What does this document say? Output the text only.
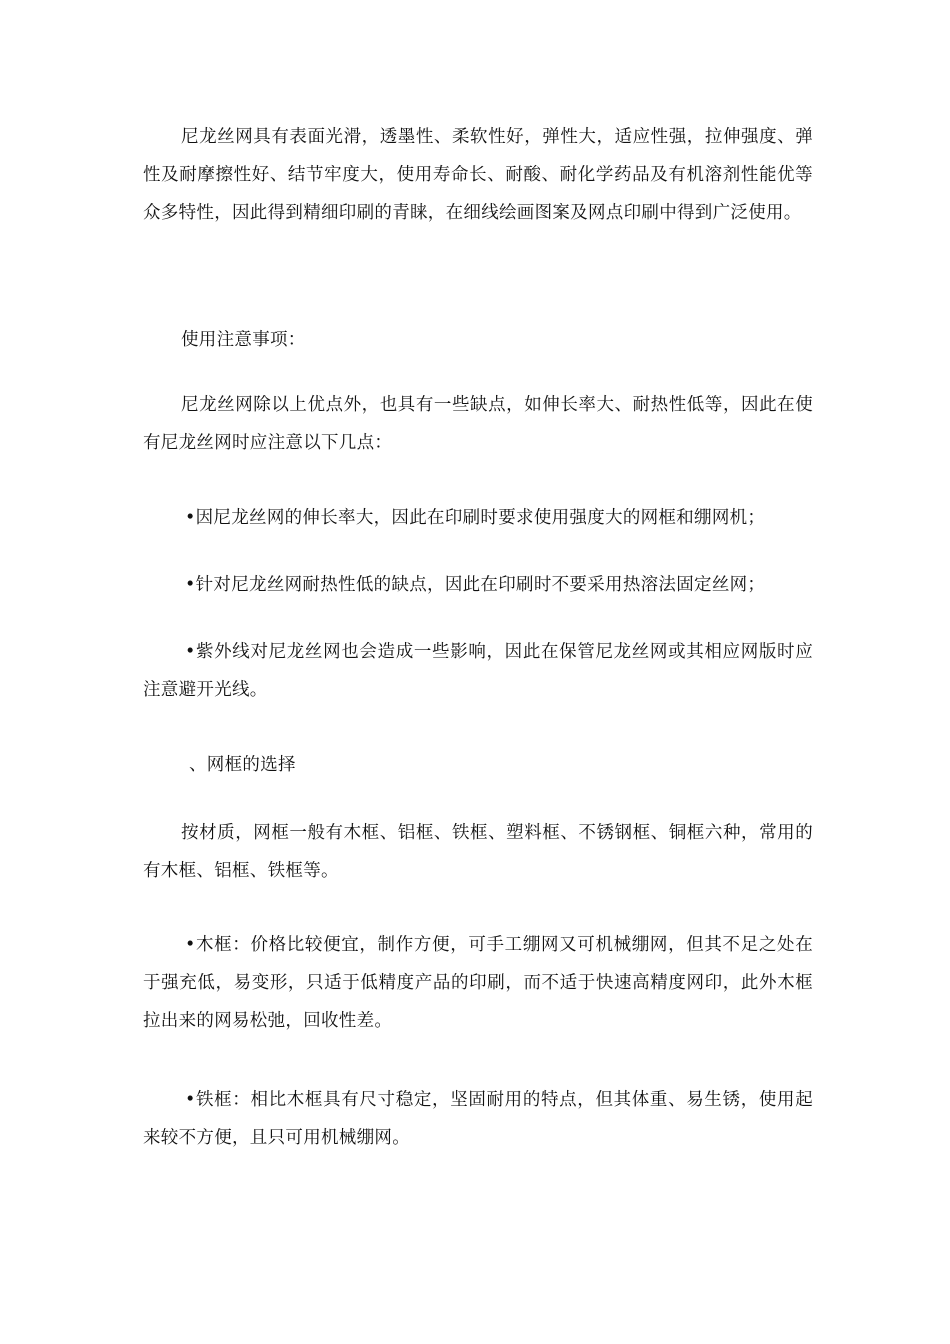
尼龙丝网具有表面光滑，透墨性、柔软性好，弹性大，适应性强，拉伸强度、弹性及耐摩擦性好、结节牢度大，使用寿命长、耐酸、耐化学药品及有机溶剂性能优等众多特性，因此得到精细印刷的青睐，在细线绘画图案及网点印刷中得到广泛使用。

使用注意事项：

尼龙丝网除以上优点外，也具有一些缺点，如伸长率大、耐热性低等，因此在使有尼龙丝网时应注意以下几点：

•因尼龙丝网的伸长率大，因此在印刷时要求使用强度大的网框和绷网机；

•针对尼龙丝网耐热性低的缺点，因此在印刷时不要采用热溶法固定丝网；

•紫外线对尼龙丝网也会造成一些影响，因此在保管尼龙丝网或其相应网版时应注意避开光线。

、网框的选择

按材质，网框一般有木框、铝框、铁框、塑料框、不锈钢框、铜框六种，常用的有木框、铝框、铁框等。

•木框：价格比较便宜，制作方便，可手工绷网又可机械绷网，但其不足之处在于强充低，易变形，只适于低精度产品的印刷，而不适于快速高精度网印，此外木框拉出来的网易松弛，回收性差。

•铁框：相比木框具有尺寸稳定，坚固耐用的特点，但其体重、易生锈，使用起来较不方便，且只可用机械绷网。
